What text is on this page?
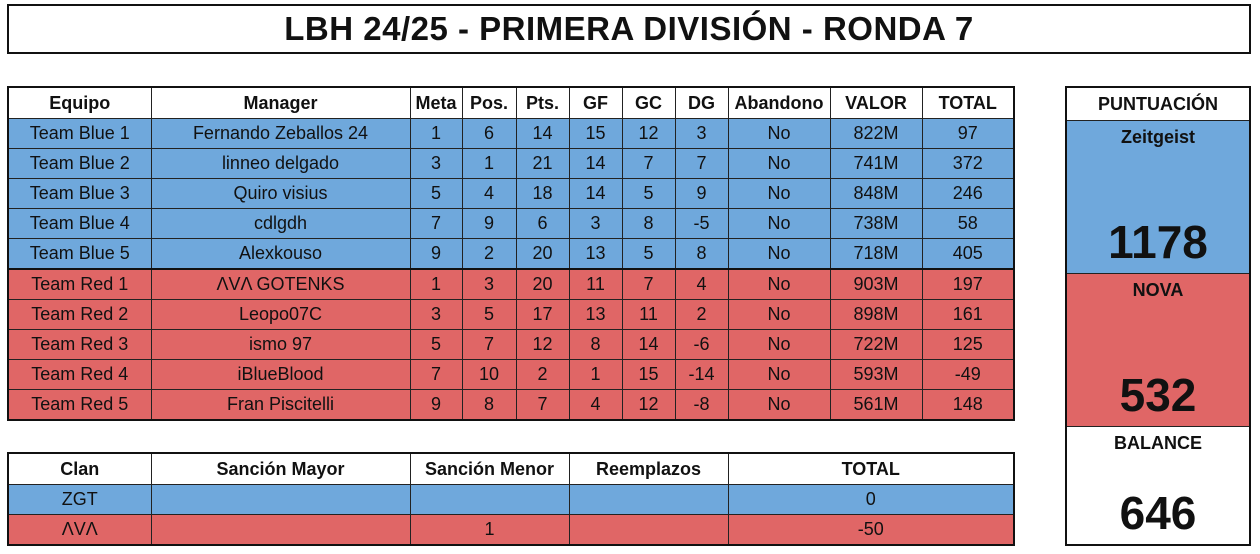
LBH 24/25 - PRIMERA DIVISIÓN - RONDA 7
Equipo	Manager	Meta	Pos.	Pts.	GF	GC	DG	Abandono	VALOR	TOTAL
Team Blue 1	Fernando Zeballos 24	1	6	14	15	12	3	No	822M	97
Team Blue 2	linneo delgado	3	1	21	14	7	7	No	741M	372
Team Blue 3	Quiro visius	5	4	18	14	5	9	No	848M	246
Team Blue 4	cdlgdh	7	9	6	3	8	-5	No	738M	58
Team Blue 5	Alexkouso	9	2	20	13	5	8	No	718M	405
Team Red 1	ΛVΛ GOTENKS	1	3	20	11	7	4	No	903M	197
Team Red 2	Leopo07C	3	5	17	13	11	2	No	898M	161
Team Red 3	ismo 97	5	7	12	8	14	-6	No	722M	125
Team Red 4	iBlueBlood	7	10	2	1	15	-14	No	593M	-49
Team Red 5	Fran Piscitelli	9	8	7	4	12	-8	No	561M	148
Clan	Sanción Mayor	Sanción Menor	Reemplazos	TOTAL
ZGT				0
ΛVΛ		1		-50
PUNTUACIÓN
Zeitgeist
1178
NOVA
532
BALANCE
646
